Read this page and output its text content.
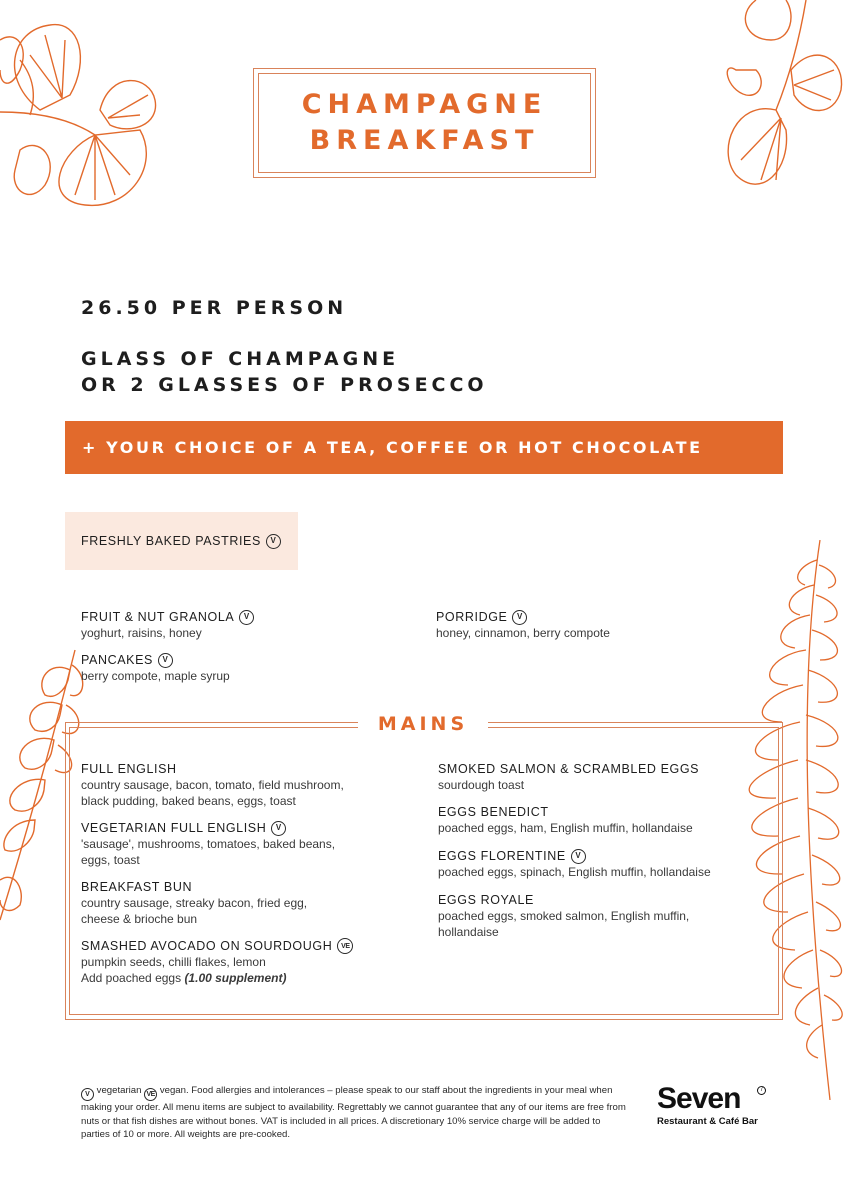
CHAMPAGNE
BREAKFAST
26.50 PER PERSON
GLASS OF CHAMPAGNE
OR 2 GLASSES OF PROSECCO
+ YOUR CHOICE OF A TEA, COFFEE OR HOT CHOCOLATE
FRESHLY BAKED PASTRIES	V
FRUIT & NUT GRANOLA	V
yoghurt, raisins, honey
PORRIDGE	V
honey, cinnamon, berry compote
PANCAKES	V
berry compote, maple syrup
MAINS
FULL ENGLISH
country sausage, bacon, tomato, field mushroom,
black pudding, baked beans, eggs, toast
VEGETARIAN FULL ENGLISH	V
'sausage', mushrooms, tomatoes, baked beans,
eggs, toast
BREAKFAST BUN
country sausage, streaky bacon, fried egg,
cheese & brioche bun
SMASHED AVOCADO ON SOURDOUGH	VE
pumpkin seeds, chilli flakes, lemon
Add poached eggs (1.00 supplement)
SMOKED SALMON & SCRAMBLED EGGS
sourdough toast
EGGS BENEDICT
poached eggs, ham, English muffin, hollandaise
EGGS FLORENTINE	V
poached eggs, spinach, English muffin, hollandaise
EGGS ROYALE
poached eggs, smoked salmon, English muffin,
hollandaise
V vegetarian VE vegan. Food allergies and intolerances – please speak to our staff about the ingredients in your meal when making your order. All menu items are subject to availability. Regrettably we cannot guarantee that any of our items are free from nuts or that fish dishes are without bones. VAT is included in all prices. A discretionary 10% service charge will be added to parties of 10 or more. All weights are pre-cooked.
Seven	7
Restaurant & Café Bar
